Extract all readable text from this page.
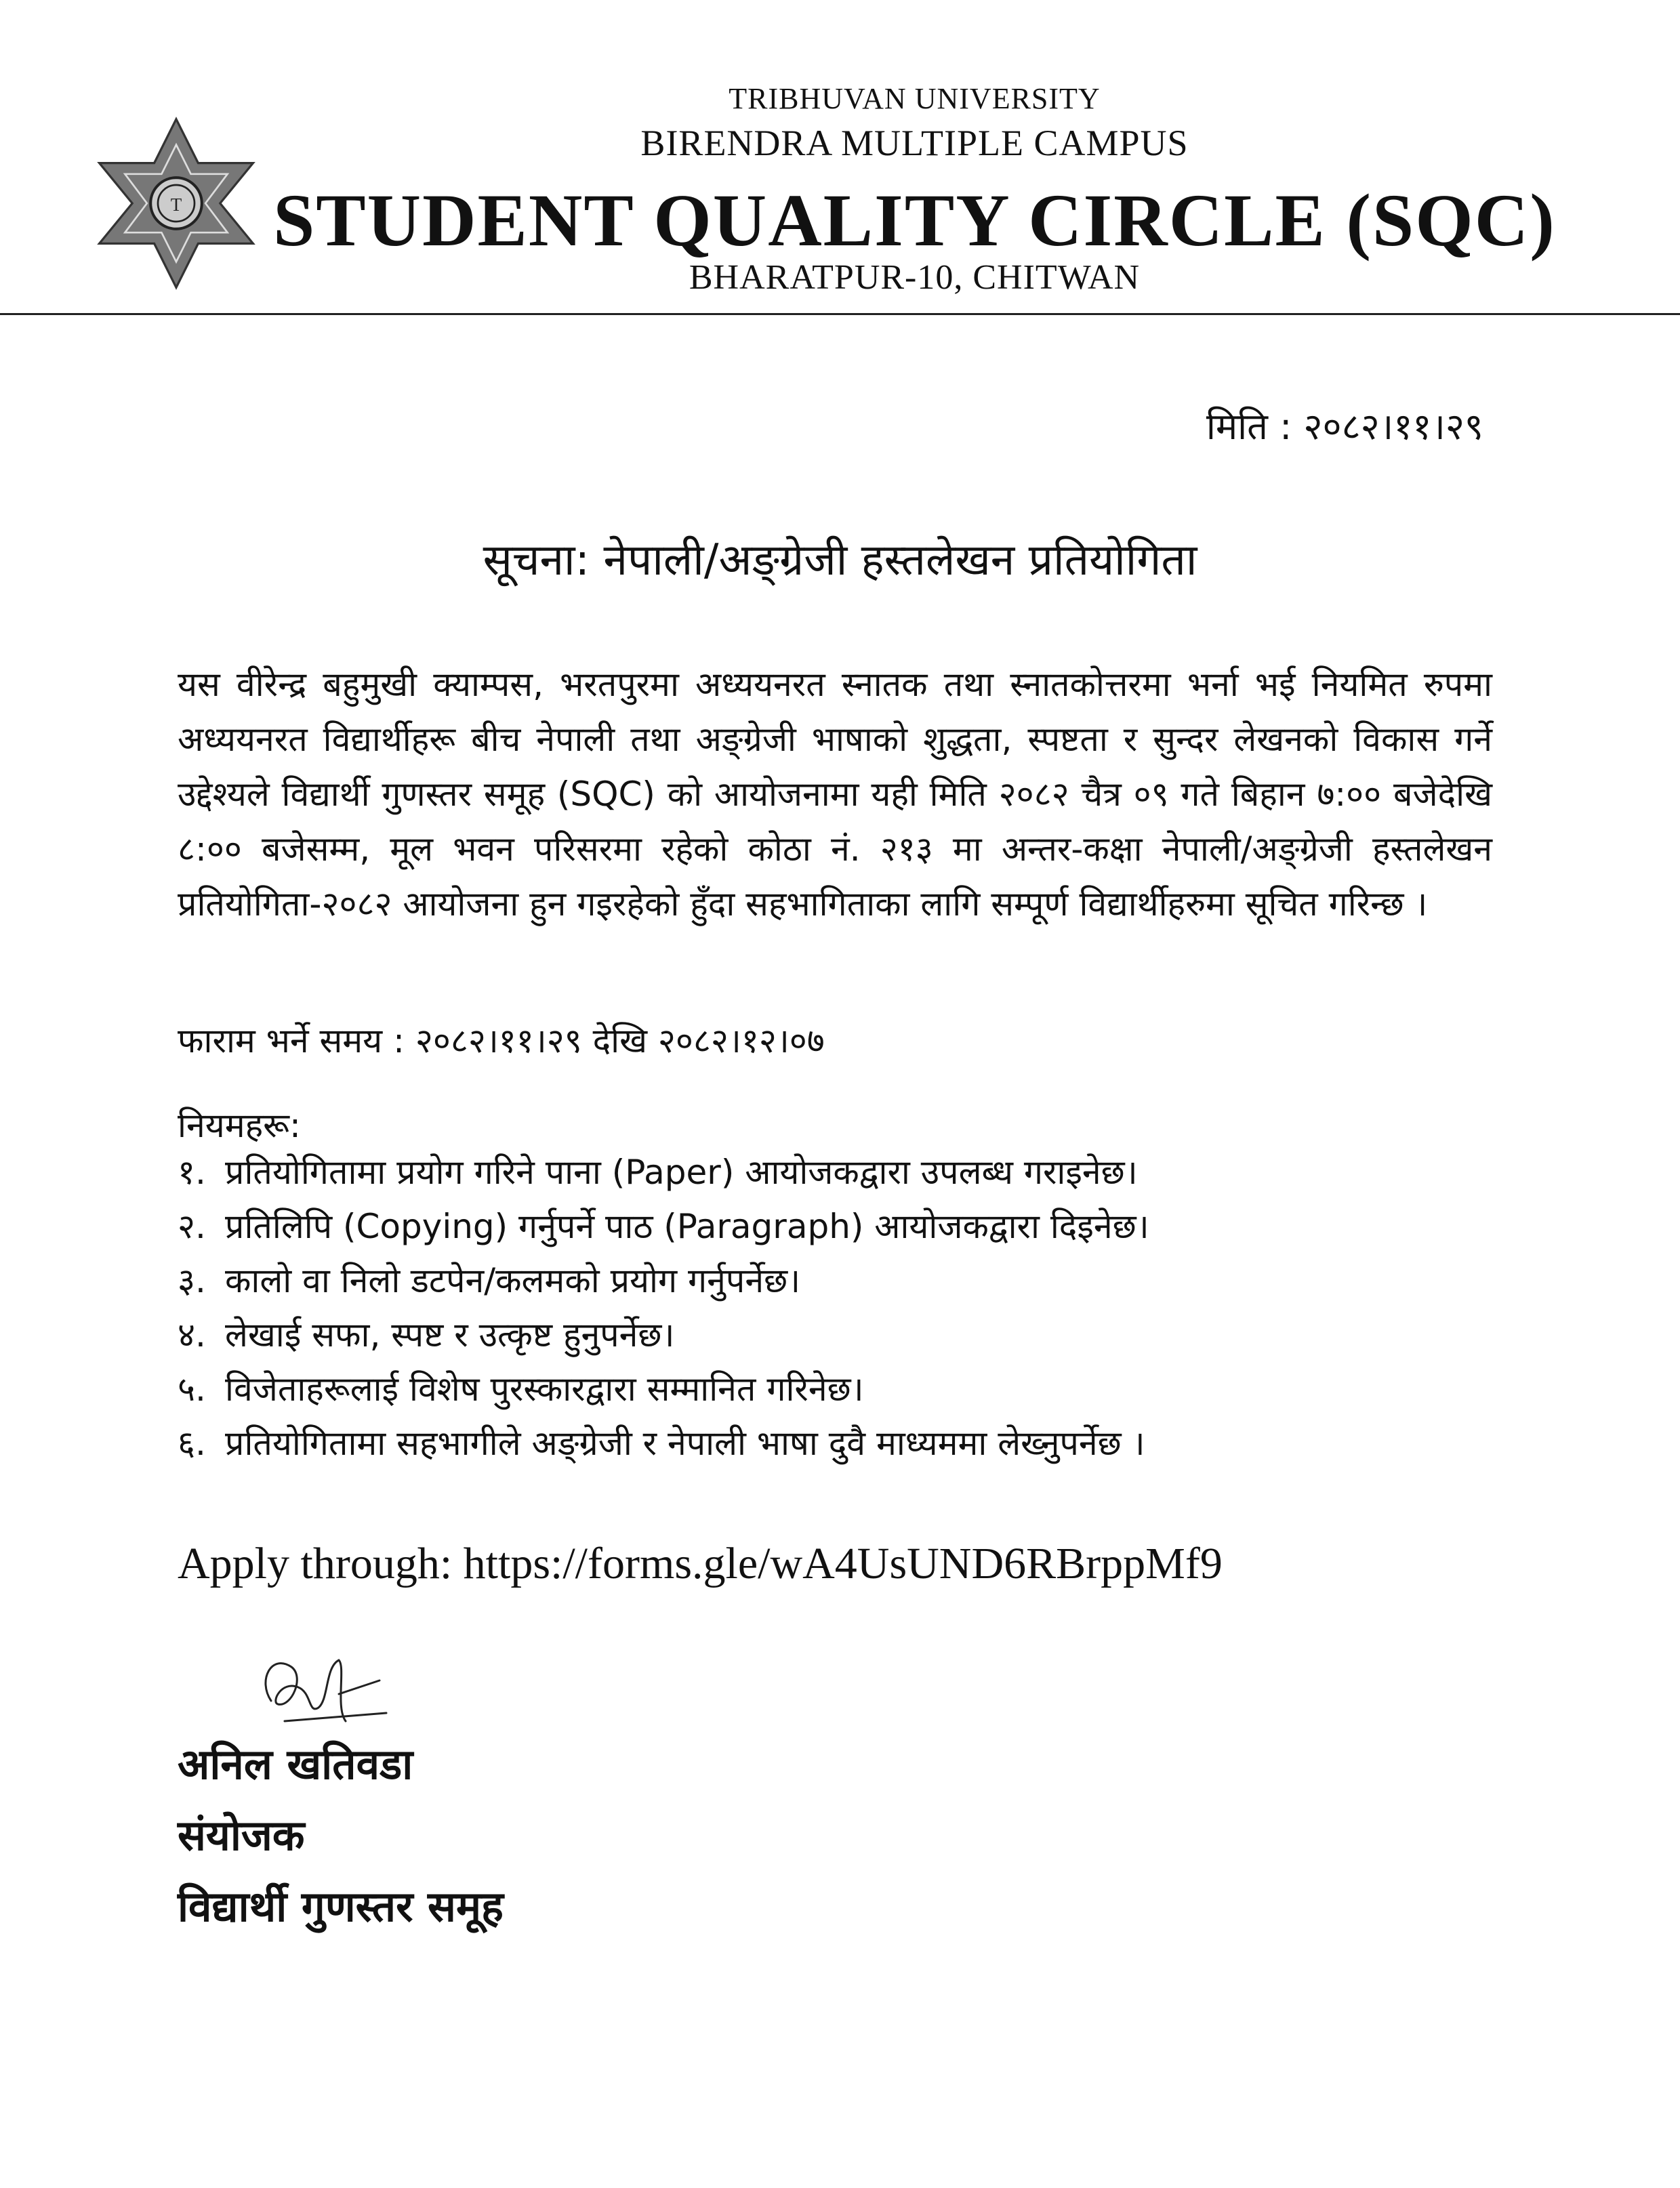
T
TRIBHUVAN UNIVERSITY
BIRENDRA MULTIPLE CAMPUS
STUDENT QUALITY CIRCLE (SQC)
BHARATPUR-10, CHITWAN
मिति : २०८२।११।२९
सूचना: नेपाली/अङ्ग्रेजी हस्तलेखन प्रतियोगिता
यस वीरेन्द्र बहुमुखी क्याम्पस, भरतपुरमा अध्ययनरत स्नातक तथा स्नातकोत्तरमा भर्ना भई नियमित रुपमा अध्ययनरत विद्यार्थीहरू बीच नेपाली तथा अङ्ग्रेजी भाषाको शुद्धता, स्पष्टता र सुन्दर लेखनको विकास गर्ने उद्देश्यले विद्यार्थी गुणस्तर समूह (SQC) को आयोजनामा यही मिति २०८२ चैत्र ०९ गते बिहान ७:०० बजेदेखि ८:०० बजेसम्म, मूल भवन परिसरमा रहेको कोठा नं. २१३ मा अन्तर-कक्षा नेपाली/अङ्ग्रेजी हस्तलेखन प्रतियोगिता-२०८२ आयोजना हुन गइरहेको हुँदा सहभागिताका लागि सम्पूर्ण विद्यार्थीहरुमा सूचित गरिन्छ ।
फाराम भर्ने समय : २०८२।११।२९ देखि २०८२।१२।०७
नियमहरू:
१. प्रतियोगितामा प्रयोग गरिने पाना (Paper) आयोजकद्वारा उपलब्ध गराइनेछ।
२. प्रतिलिपि (Copying) गर्नुपर्ने पाठ (Paragraph) आयोजकद्वारा दिइनेछ।
३. कालो वा निलो डटपेन/कलमको प्रयोग गर्नुपर्नेछ।
४. लेखाई सफा, स्पष्ट र उत्कृष्ट हुनुपर्नेछ।
५. विजेताहरूलाई विशेष पुरस्कारद्वारा सम्मानित गरिनेछ।
६. प्रतियोगितामा सहभागीले अङ्ग्रेजी र नेपाली भाषा दुवै माध्यममा लेख्नुपर्नेछ ।
Apply through: https://forms.gle/wA4UsUND6RBrppMf9
अनिल खतिवडा
संयोजक
विद्यार्थी गुणस्तर समूह
